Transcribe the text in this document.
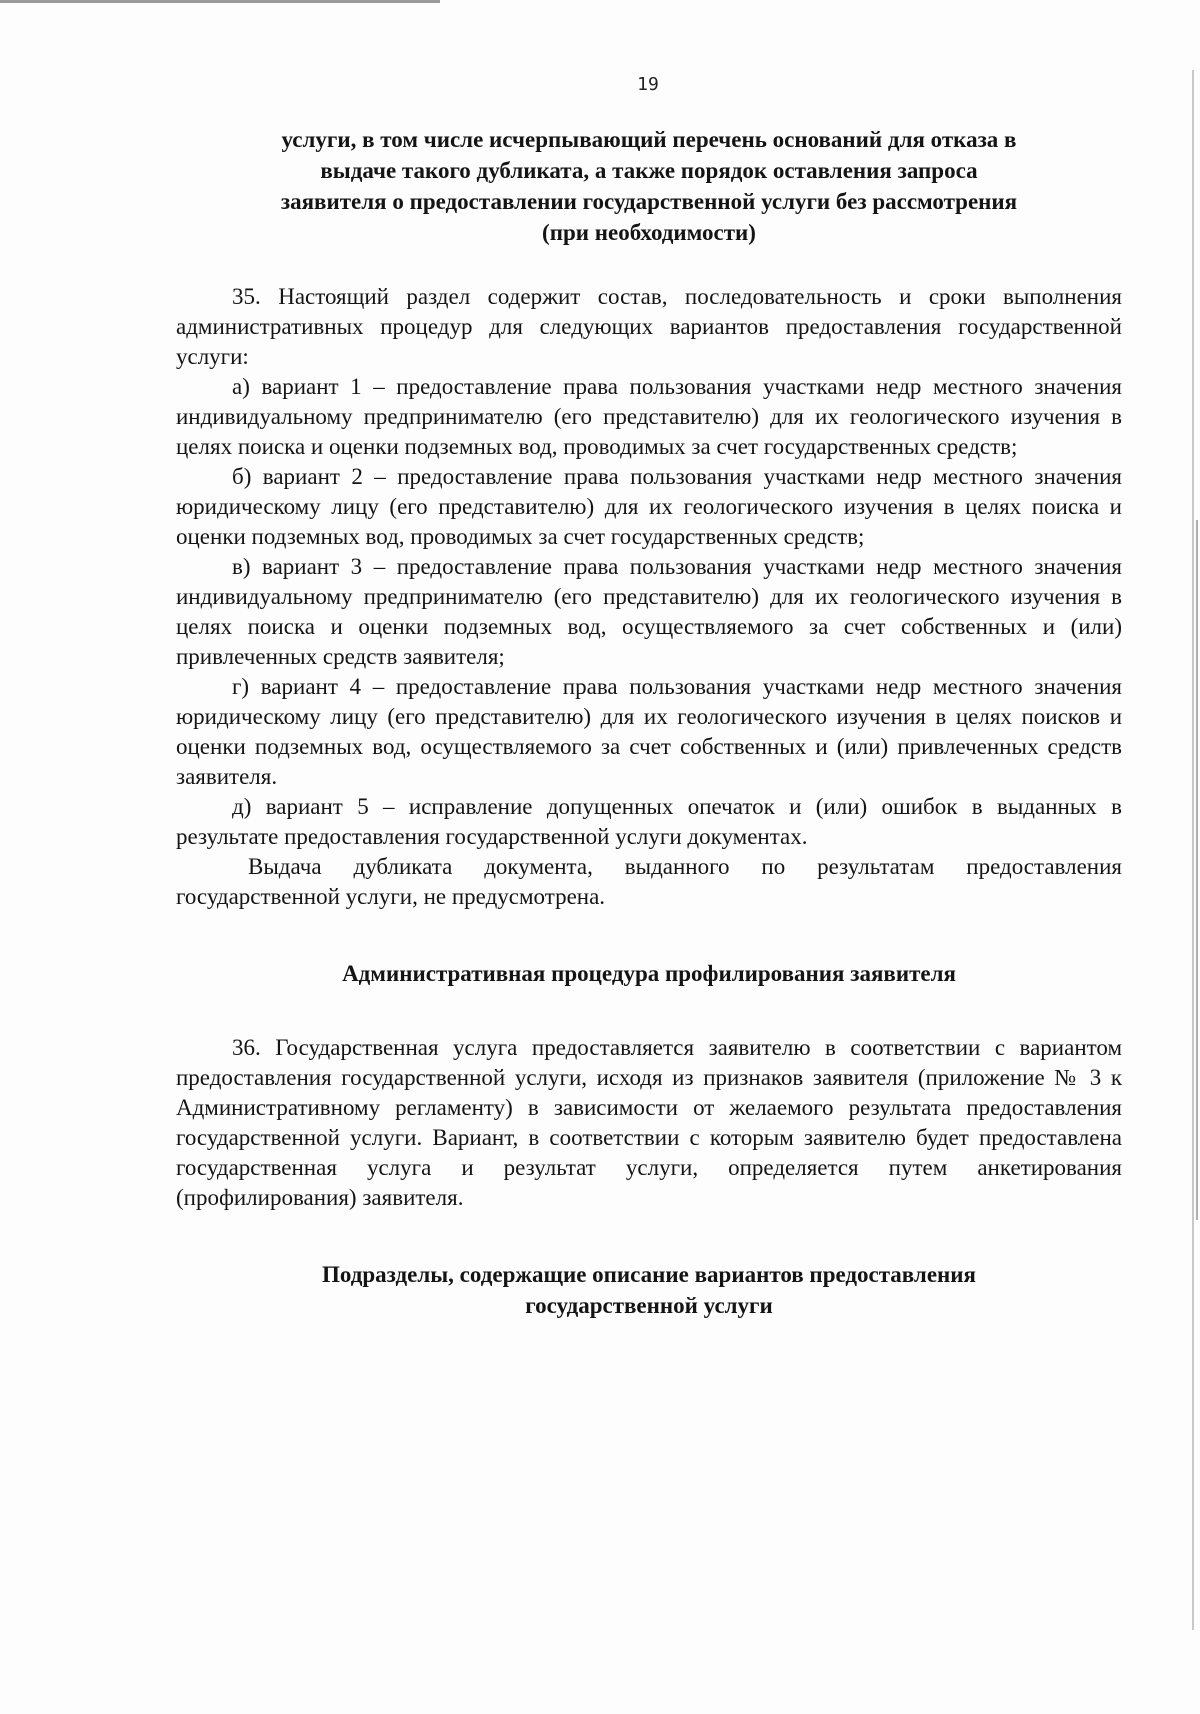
19
услуги, в том числе исчерпывающий перечень оснований для отказа в
выдаче такого дубликата, а также порядок оставления запроса
заявителя о предоставлении государственной услуги без рассмотрения
(при необходимости)

35. Настоящий раздел содержит состав, последовательность и сроки выполнения административных процедур для следующих вариантов предоставления государственной услуги:

а) вариант 1 – предоставление права пользования участками недр местного значения индивидуальному предпринимателю (его представителю) для их геологического изучения в целях поиска и оценки подземных вод, проводимых за счет государственных средств;

б) вариант 2 – предоставление права пользования участками недр местного значения юридическому лицу (его представителю) для их геологического изучения в целях поиска и оценки подземных вод, проводимых за счет государственных средств;

в) вариант 3 – предоставление права пользования участками недр местного значения индивидуальному предпринимателю (его представителю) для их геологического изучения в целях поиска и оценки подземных вод, осуществляемого за счет собственных и (или) привлеченных средств заявителя;

г) вариант 4 – предоставление права пользования участками недр местного значения юридическому лицу (его представителю) для их геологического изучения в целях поисков и оценки подземных вод, осуществляемого за счет собственных и (или) привлеченных средств заявителя.

д) вариант 5 – исправление допущенных опечаток и (или) ошибок в выданных в результате предоставления государственной услуги документах.

Выдача дубликата документа, выданного по результатам предоставления государственной услуги, не предусмотрена.

Административная процедура профилирования заявителя

36. Государственная услуга предоставляется заявителю в соответствии с вариантом предоставления государственной услуги, исходя из признаков заявителя (приложение № 3 к Административному регламенту) в зависимости от желаемого результата предоставления государственной услуги. Вариант, в соответствии с которым заявителю будет предоставлена государственная услуга и результат услуги, определяется путем анкетирования (профилирования) заявителя.

Подразделы, содержащие описание вариантов предоставления
государственной услуги
